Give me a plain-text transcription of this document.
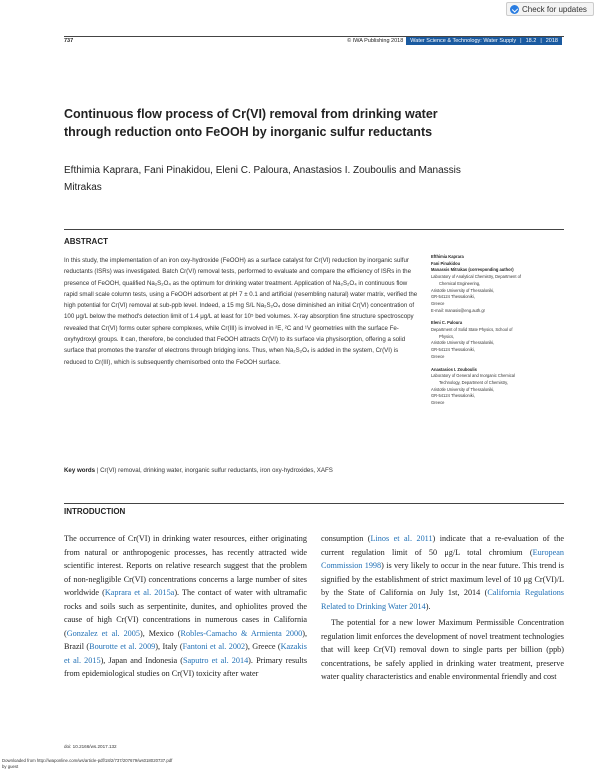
Check for updates
737	© IWA Publishing 2018	Water Science & Technology: Water Supply | 18.2 | 2018
Continuous flow process of Cr(VI) removal from drinking water through reduction onto FeOOH by inorganic sulfur reductants
Efthimia Kaprara, Fani Pinakidou, Eleni C. Paloura, Anastasios I. Zouboulis and Manassis Mitrakas
ABSTRACT
In this study, the implementation of an iron oxy-hydroxide (FeOOH) as a surface catalyst for Cr(VI) reduction by inorganic sulfur reductants (ISRs) was investigated. Batch Cr(VI) removal tests, performed to evaluate and compare the efficiency of ISRs in the presence of FeOOH, qualified Na₂S₂O₄ as the optimum for drinking water treatment. Application of Na₂S₂O₄ in continuous flow rapid small scale column tests, using a FeOOH adsorbent at pH 7 ± 0.1 and artificial (resembling natural) water matrix, verified the high potential for Cr(VI) removal at sub-ppb level. Indeed, a 15 mg S/L Na₂S₂O₄ dose diminished an initial Cr(VI) concentration of 100 μg/L below the method's detection limit of 1.4 μg/L at least for 10⁵ bed volumes. X-ray absorption fine structure spectroscopy revealed that Cr(VI) forms outer sphere complexes, while Cr(III) is involved in ²E, ²C and ¹V geometries with the surface Fe-oxyhydroxyl groups. It can, therefore, be concluded that FeOOH attracts Cr(VI) to its surface via physisorption, offering a solid surface that promotes the transfer of electrons through bridging ions. Thus, when Na₂S₂O₄ is added in the system, Cr(VI) is reduced to Cr(III), which is subsequently chemisorbed onto the FeOOH surface.
Key words | Cr(VI) removal, drinking water, inorganic sulfur reductants, iron oxy-hydroxides, XAFS
Efthimia Kaprara
Fani Pinakidou
Manassis Mitrakas (corresponding author)
Laboratory of Analytical Chemistry, Department of
Chemical Engineering,
Aristotle University of Thessaloniki,
GR-54124 Thessaloniki,
Greece
E-mail: manasis@eng.auth.gr
Eleni C. Paloura
Department of Solid State Physics, School of
Physics,
Aristotle University of Thessaloniki,
GR-54124 Thessaloniki,
Greece
Anastasios I. Zouboulis
Laboratory of General and Inorganic Chemical
Technology, Department of Chemistry,
Aristotle University of Thessaloniki,
GR-54124 Thessaloniki,
Greece
INTRODUCTION

The occurrence of Cr(VI) in drinking water resources, either originating from natural or anthropogenic processes, has recently attracted wide scientific interest. Reports on relative research suggest that the problem of non-negligible Cr(VI) concentrations concerns a large number of sites worldwide (Kaprara et al. 2015a). The contact of water with ultramafic rocks and soils such as serpentinite, dunites, and ophiolites proved the cause of high Cr(VI) concentrations in numerous cases in California (Gonzalez et al. 2005), Mexico (Robles-Camacho & Armienta 2000), Brazil (Bourotte et al. 2009), Italy (Fantoni et al. 2002), Greece (Kazakis et al. 2015), Japan and Indonesia (Saputro et al. 2014). Primary results from epidemiological studies on Cr(VI) toxicity after water

consumption (Linos et al. 2011) indicate that a re-evaluation of the current regulation limit of 50 μg/L total chromium (European Commission 1998) is very likely to occur in the near future. This trend is signified by the establishment of strict maximum level of 10 μg Cr(VI)/L by the State of California on July 1st, 2014 (California Regulations Related to Drinking Water 2014).

The potential for a new lower Maximum Permissible Concentration regulation limit enforces the development of novel treatment technologies that will keep Cr(VI) removal down to single parts per billion (ppb) concentrations, be safely applied in drinking water treatment, preserve water quality characteristics and enable environmental friendly and cost

doi: 10.2166/ws.2017.132
Downloaded from http://iwaponline.com/ws/article-pdf/18/2/737/207679/ws018020737.pdf
by guest
